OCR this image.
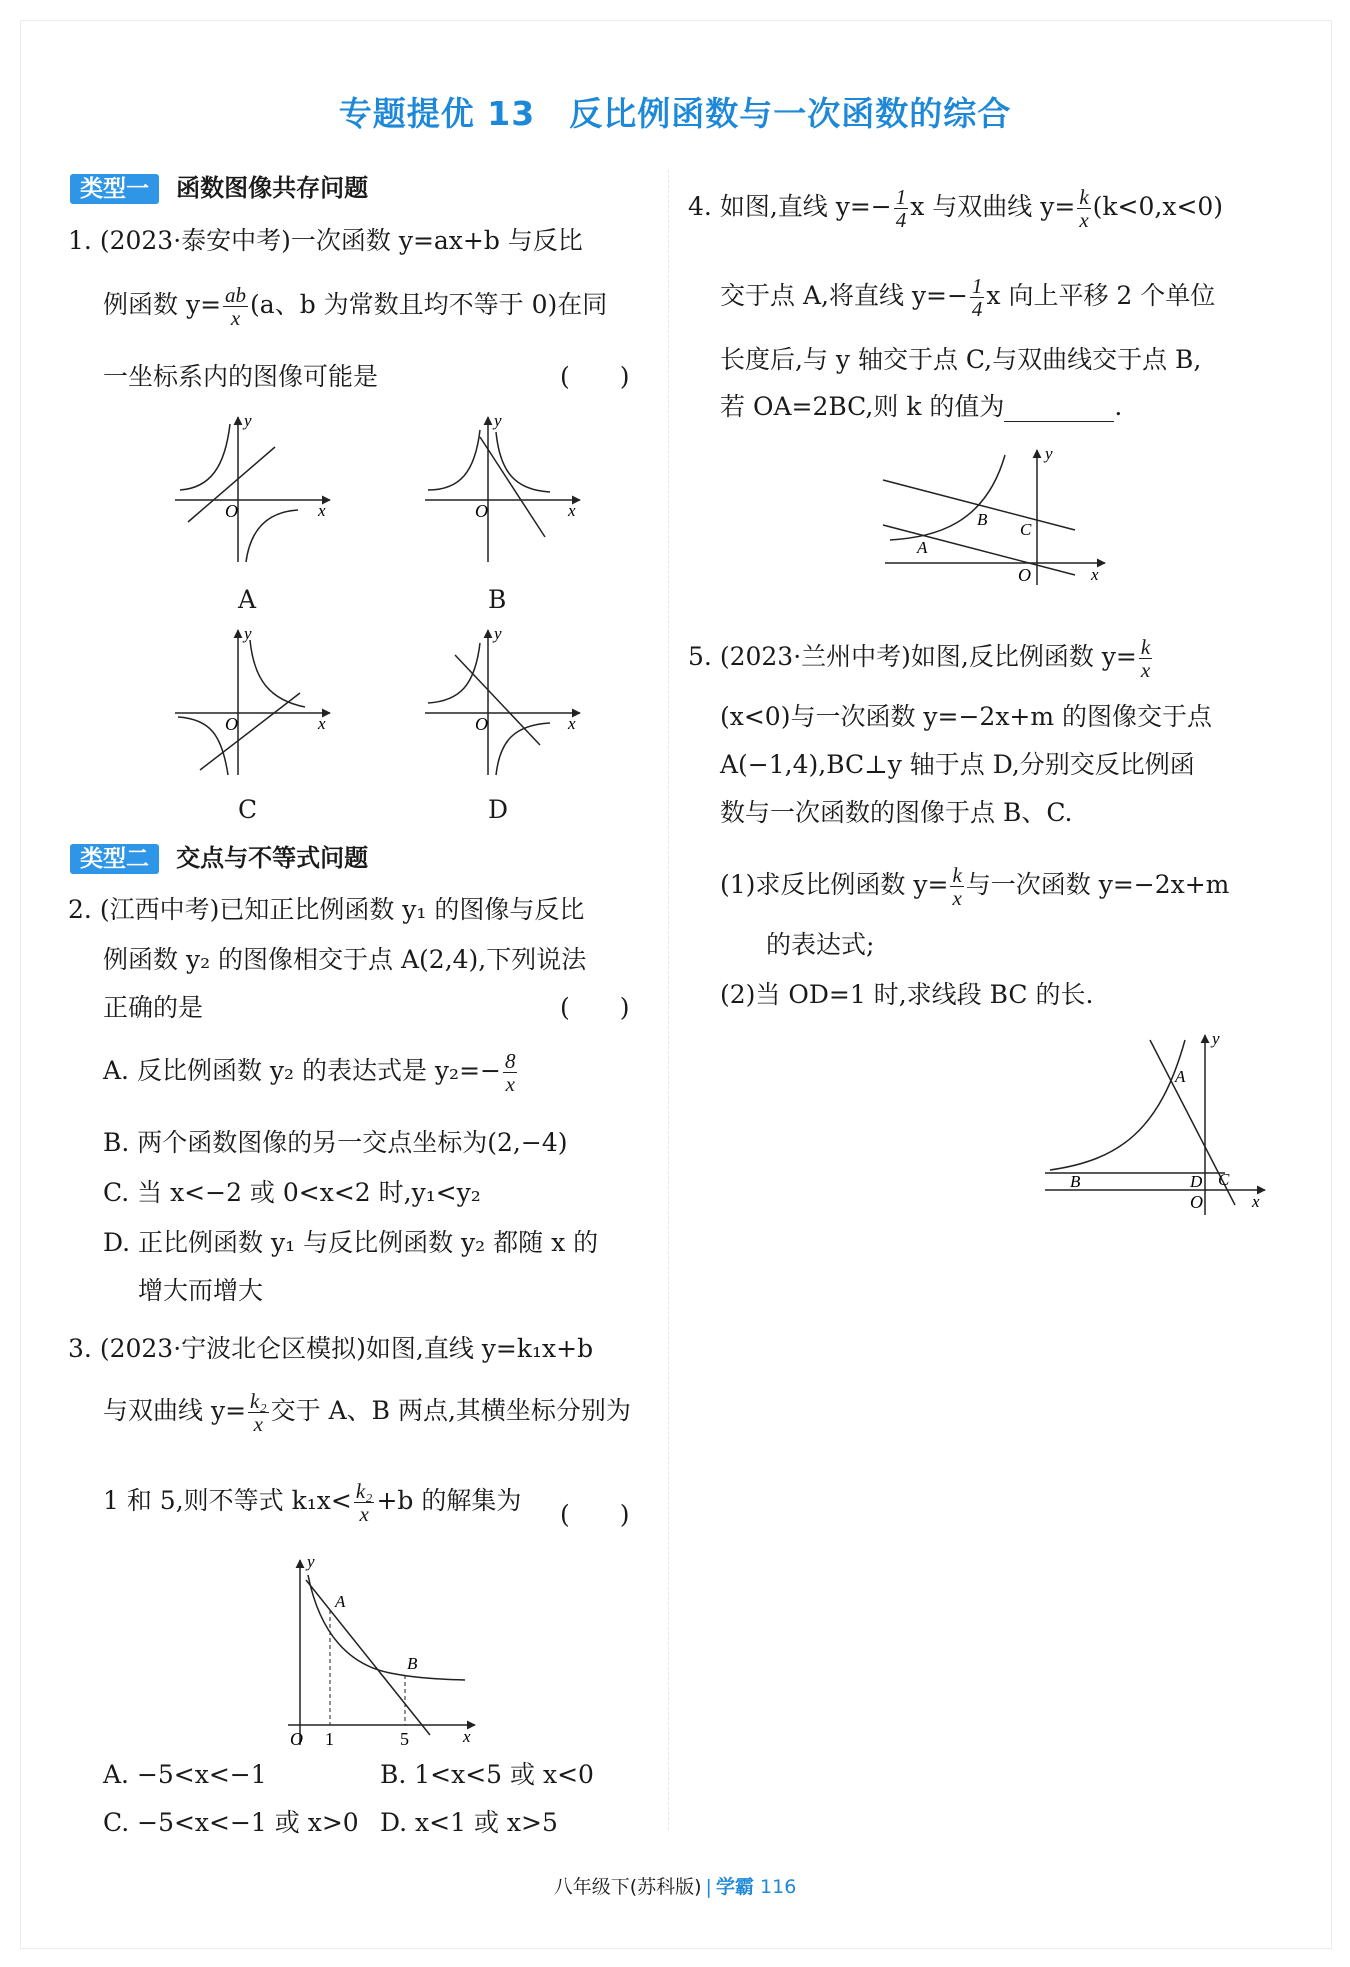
专题提优 13　反比例函数与一次函数的综合
类型一 函数图像共存问题
1. (2023·泰安中考)一次函数 y=ax+b 与反比
例函数 $y= \frac{ab}{x} (a$、b 为常数且均不等于 0)在同
一坐标系内的图像可能是	(　　)
O	x
y
A
O	x
y
B
O	x
y
C
O	x
y
D
类型二 交点与不等式问题
2. (江西中考)已知正比例函数 y₁ 的图像与反比
例函数 y₂ 的图像相交于点 A(2,4),下列说法
正确的是	(　　)
A. 反比例函数 y₂ 的表达式是 $y_2=- \frac{8}{x}$
B. 两个函数图像的另一交点坐标为(2,−4)
C. 当 x<−2 或 0<x<2 时,y₁<y₂
D. 正比例函数 y₁ 与反比例函数 y₂ 都随 x 的
增大而增大
3. (2023·宁波北仑区模拟)如图,直线 y=k₁x+b
与双曲线 $y= \frac{\text{k₂}}{x}$ 交于 A、B 两点,其横坐标分别为
1 和 5,则不等式 $k_1x< \frac{\text{k₂}}{x} +b$ 的解集为 (　　)
A
B
O 1	5	x
y
A. −5<x<−1	B. 1<x<5 或 x<0
C. −5<x<−1 或 x>0 D. x<1 或 x>5
4. 如图,直线 $y=- \frac{1}{4}$ x 与双曲线 $y= \frac{k}{x} (k<0,x<0)$
交于点 A,将直线 $y=- \frac{1}{4}$ x 向上平移 2 个单位
长度后,与 y 轴交于点 C,与双曲线交于点 B,
若 OA=2BC,则 k 的值为	.
A
B
C
O	x
y
5. (2023·兰州中考)如图,反比例函数 $y= \frac{k}{x}$
(x<0)与一次函数 y=−2x+m 的图像交于点
A(−1,4),BC⊥y 轴于点 D,分别交反比例函
数与一次函数的图像于点 B、C.
(1)求反比例函数 $y= \frac{k}{x}$ 与一次函数 y=−2x+m
的表达式;
(2)当 OD=1 时,求线段 BC 的长.
A
B	C
D
O	x
y
八年级下(苏科版) | 学霸 116
